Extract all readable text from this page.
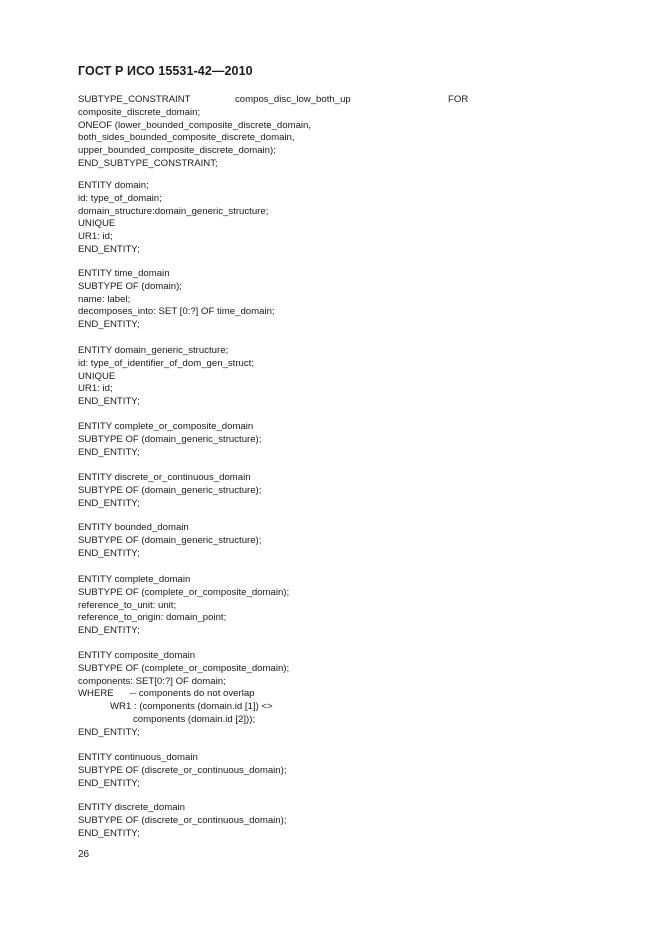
ГОСТ Р ИСО 15531-42—2010
SUBTYPE_CONSTRAINT	compos_disc_low_both_up	FOR
composite_discrete_domain;
ONEOF (lower_bounded_composite_discrete_domain,
both_sides_bounded_composite_discrete_domain,
upper_bounded_composite_discrete_domain);
END_SUBTYPE_CONSTRAINT;
ENTITY domain;
id: type_of_domain;
domain_structure:domain_generic_structure;
UNIQUE
UR1: id;
END_ENTITY;
ENTITY time_domain
SUBTYPE OF (domain);
name: label;
decomposes_into: SET [0:?] OF time_domain;
END_ENTITY;
ENTITY domain_generic_structure;
id: type_of_identifier_of_dom_gen_struct;
UNIQUE
UR1: id;
END_ENTITY;
ENTITY complete_or_composite_domain
SUBTYPE OF (domain_generic_structure);
END_ENTITY;
ENTITY discrete_or_continuous_domain
SUBTYPE OF (domain_generic_structure);
END_ENTITY;
ENTITY bounded_domain
SUBTYPE OF (domain_generic_structure);
END_ENTITY;
ENTITY complete_domain
SUBTYPE OF (complete_or_composite_domain);
reference_to_unit: unit;
reference_to_origin: domain_point;
END_ENTITY;
ENTITY composite_domain
SUBTYPE OF (complete_or_composite_domain);
components: SET[0:?] OF domain;
WHERE      -- components do not overlap
WR1 : (components (domain.id [1]) <>
components (domain.id [2]));
END_ENTITY;
ENTITY continuous_domain
SUBTYPE OF (discrete_or_continuous_domain);
END_ENTITY;
ENTITY discrete_domain
SUBTYPE OF (discrete_or_continuous_domain);
END_ENTITY;
26
